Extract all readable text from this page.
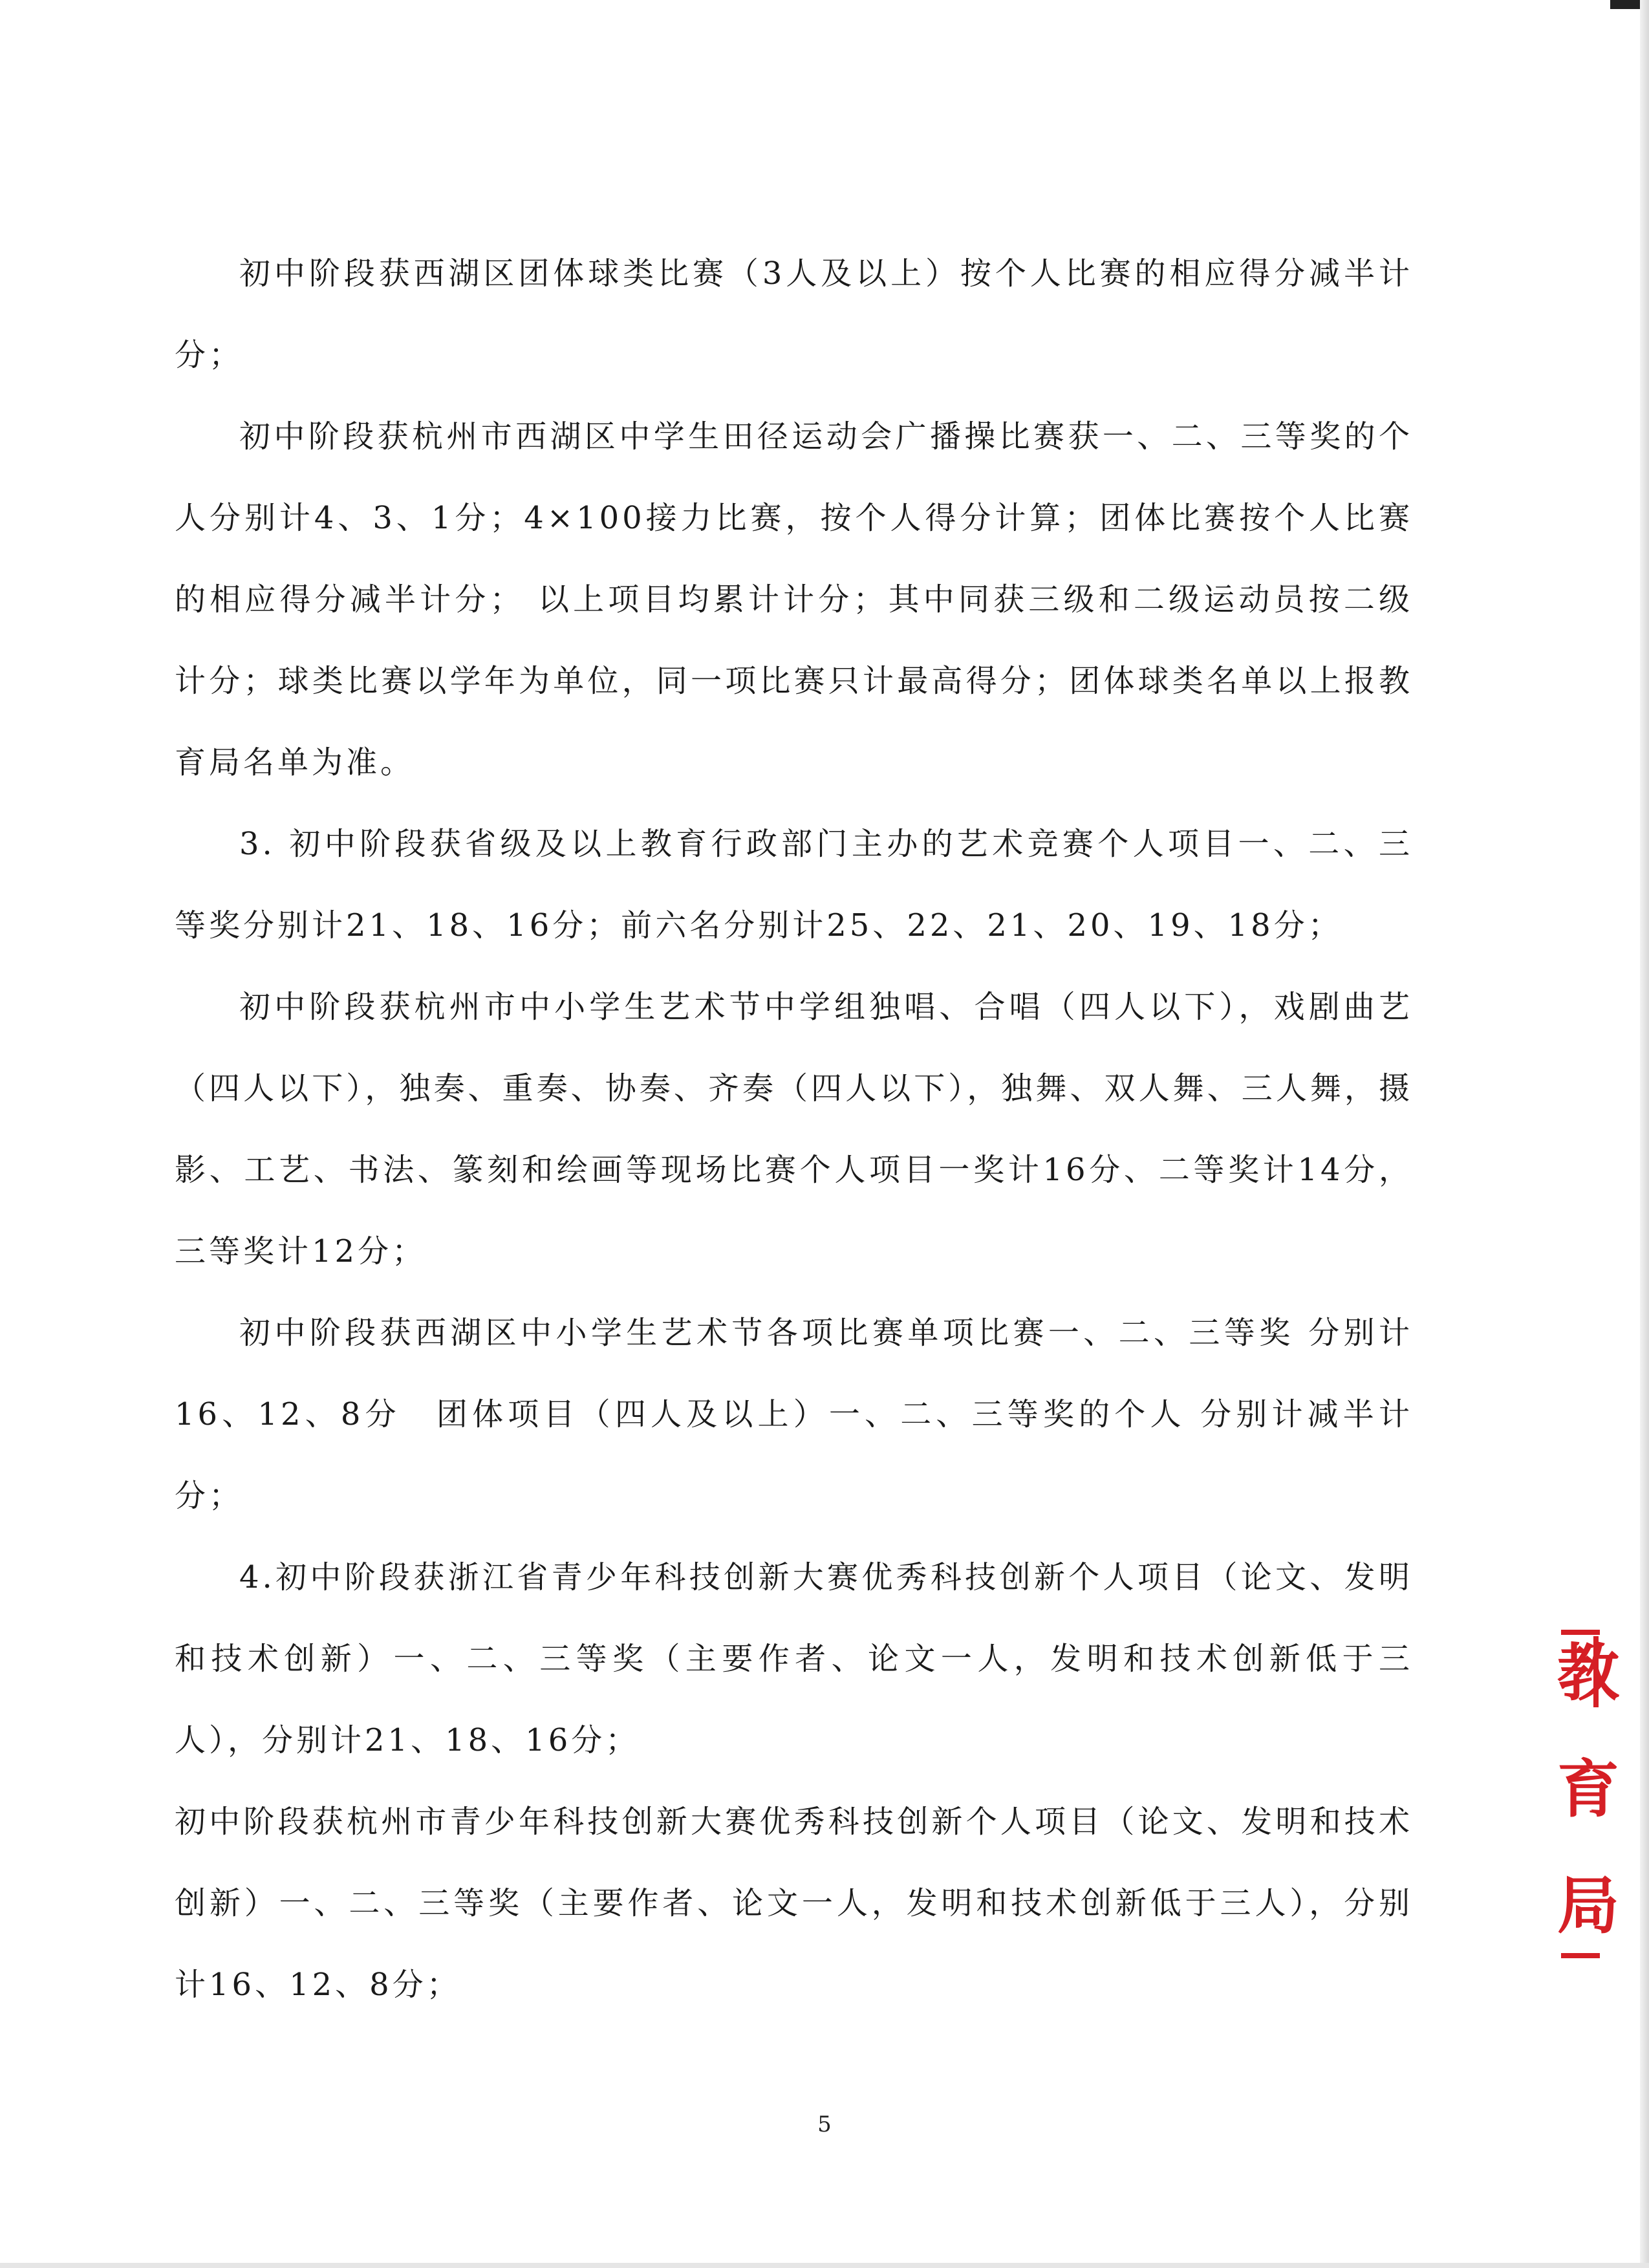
初中阶段获西湖区团体球类比赛（3人及以上）按个人比赛的相应得分减半计分；

初中阶段获杭州市西湖区中学生田径运动会广播操比赛获一、二、三等奖的个人分别计4、3、1分；4×100接力比赛，按个人得分计算；团体比赛按个人比赛的相应得分减半计分； 以上项目均累计计分；其中同获三级和二级运动员按二级计分；球类比赛以学年为单位，同一项比赛只计最高得分；团体球类名单以上报教育局名单为准。

3. 初中阶段获省级及以上教育行政部门主办的艺术竞赛个人项目一、二、三等奖分别计21、18、16分；前六名分别计25、22、21、20、19、18分；

初中阶段获杭州市中小学生艺术节中学组独唱、合唱（四人以下），戏剧曲艺（四人以下），独奏、重奏、协奏、齐奏（四人以下），独舞、双人舞、三人舞，摄影、工艺、书法、篆刻和绘画等现场比赛个人项目一奖计16分、二等奖计14分，三等奖计12分；

初中阶段获西湖区中小学生艺术节各项比赛单项比赛一、二、三等奖 分别计16、12、8分　团体项目（四人及以上）一、二、三等奖的个人 分别计减半计分；

4.初中阶段获浙江省青少年科技创新大赛优秀科技创新个人项目（论文、发明和技术创新）一、二、三等奖（主要作者、论文一人，发明和技术创新低于三人），分别计21、18、16分；

初中阶段获杭州市青少年科技创新大赛优秀科技创新个人项目（论文、发明和技术创新）一、二、三等奖（主要作者、论文一人，发明和技术创新低于三人），分别计16、12、8分；

5
教
育
局
